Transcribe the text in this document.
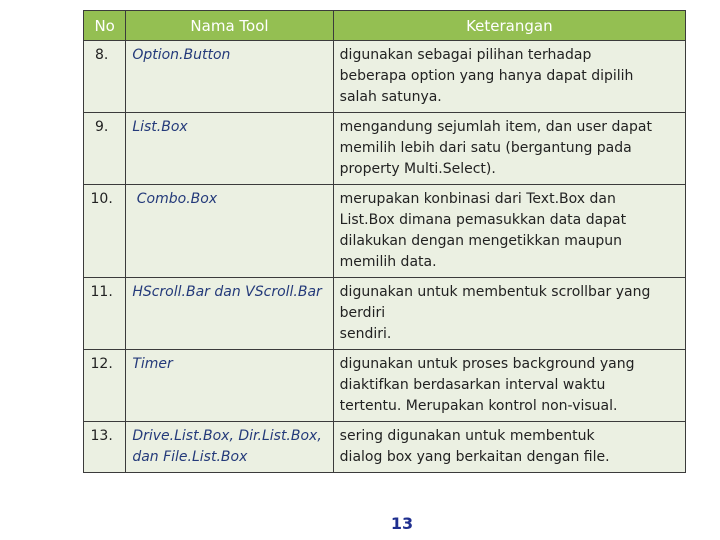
No	Nama Tool	Keterangan
8.	Option.Button	digunakan sebagai pilihan terhadap
beberapa option yang hanya dapat dipilih
salah satunya.
9.	List.Box	mengandung sejumlah item, dan user dapat
memilih lebih dari satu (bergantung pada
property Multi.Select).
10.	Combo.Box	merupakan konbinasi dari Text.Box dan
List.Box dimana pemasukkan data dapat
dilakukan dengan mengetikkan maupun
memilih data.
11.	HScroll.Bar dan VScroll.Bar	digunakan untuk membentuk scrollbar yang
berdiri
sendiri.
12.	Timer	digunakan untuk proses background yang
diaktifkan berdasarkan interval waktu
tertentu. Merupakan kontrol non-visual.
13.	Drive.List.Box, Dir.List.Box,
dan File.List.Box	sering digunakan untuk membentuk
dialog box yang berkaitan dengan file.
13
